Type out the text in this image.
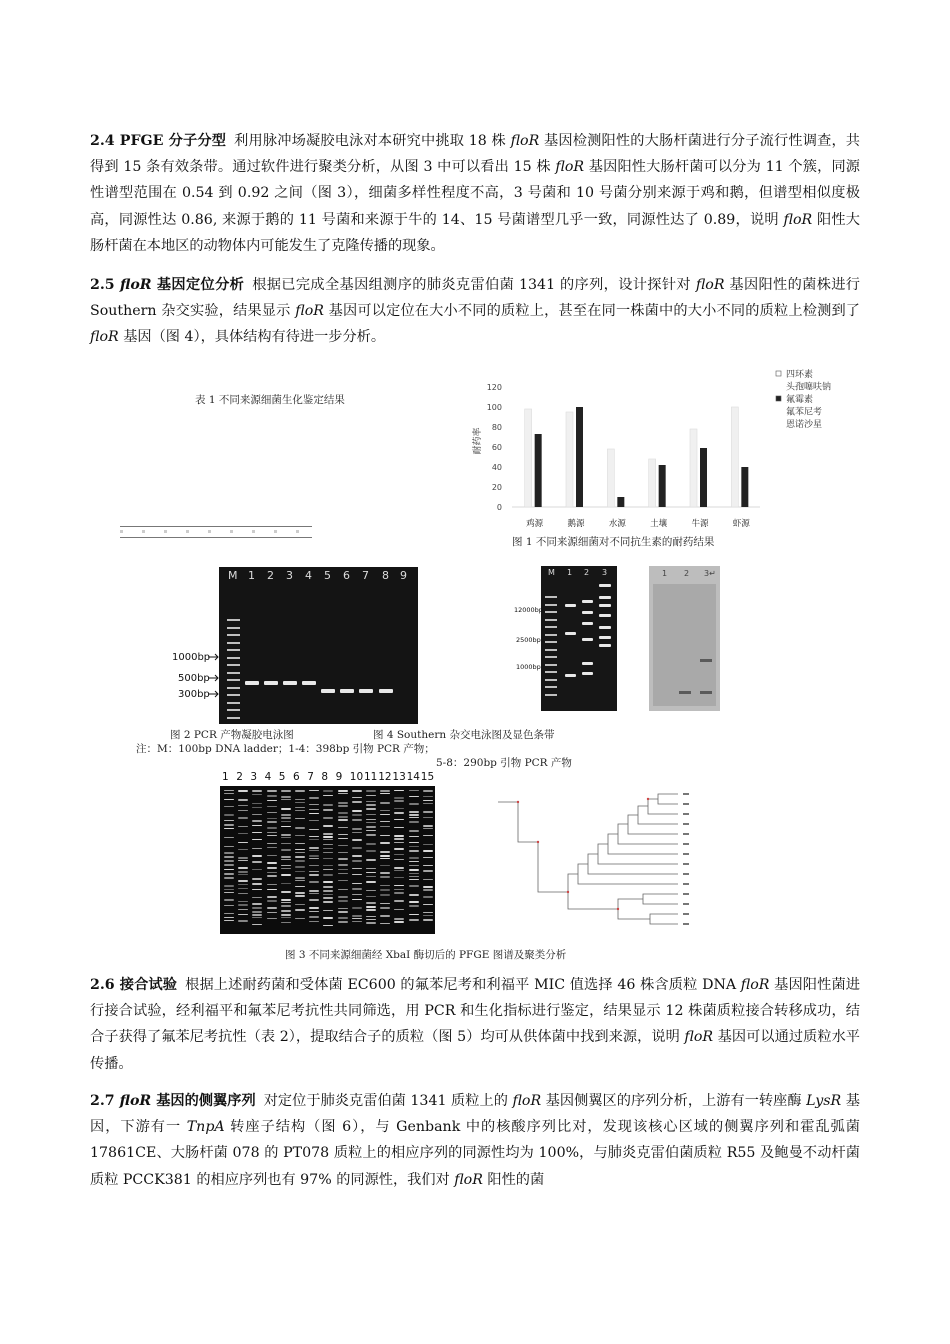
2.4 PFGE 分子分型 利用脉冲场凝胶电泳对本研究中挑取 18 株 floR 基因检测阳性的大肠杆菌进行分子流行性调查，共得到 15 条有效条带。通过软件进行聚类分析，从图 3 中可以看出 15 株 floR 基因阳性大肠杆菌可以分为 11 个簇，同源性谱型范围在 0.54 到 0.92 之间（图 3），细菌多样性程度不高，3 号菌和 10 号菌分别来源于鸡和鹅，但谱型相似度极高，同源性达 0.86, 来源于鹅的 11 号菌和来源于牛的 14、15 号菌谱型几乎一致，同源性达了 0.89，说明 floR 阳性大肠杆菌在本地区的动物体内可能发生了克隆传播的现象。
2.5 floR 基因定位分析 根据已完成全基因组测序的肺炎克雷伯菌 1341 的序列，设计探针对 floR 基因阳性的菌株进行 Southern 杂交实验，结果显示 floR 基因可以定位在大小不同的质粒上，甚至在同一株菌中的大小不同的质粒上检测到了 floR 基因（图 4），具体结构有待进一步分析。
表 1 不同来源细菌生化鉴定结果
0
20
40
60
80
100
120
鸡源	鹅源	水源	土壤	牛源	虾源
四环素
头孢噻呋钠
氟霉素
氟苯尼考
恩诺沙星
耐药率
图 1 不同来源细菌对不同抗生素的耐药结果
M 1 2 3 4 5 6 7 8 9
1000bp
500bp
300bp
M 1 2 3
12000bp
2500bp
1000bp
1 2 3↵
图 2 PCR 产物凝胶电泳图	图 4 Southern 杂交电泳图及显色条带
注：M：100bp DNA ladder；1-4：398bp 引物 PCR 产物；
5-8：290bp 引物 PCR 产物
1 2 3 4 5 6 7 8 9 10 11 12 13 14 15
图 3 不同来源细菌经 XbaI 酶切后的 PFGE 图谱及聚类分析
2.6 接合试验 根据上述耐药菌和受体菌 EC600 的氟苯尼考和利福平 MIC 值选择 46 株含质粒 DNA floR 基因阳性菌进行接合试验，经利福平和氟苯尼考抗性共同筛选，用 PCR 和生化指标进行鉴定，结果显示 12 株菌质粒接合转移成功，结合子获得了氟苯尼考抗性（表 2），提取结合子的质粒（图 5）均可从供体菌中找到来源，说明 floR 基因可以通过质粒水平传播。
2.7 floR 基因的侧翼序列 对定位于肺炎克雷伯菌 1341 质粒上的 floR 基因侧翼区的序列分析，上游有一转座酶 LysR 基因，下游有一 TnpA 转座子结构（图 6），与 Genbank 中的核酸序列比对，发现该核心区域的侧翼序列和霍乱弧菌 17861CE、大肠杆菌 078 的 PT078 质粒上的相应序列的同源性均为 100%，与肺炎克雷伯菌质粒 R55 及鲍曼不动杆菌质粒 PCCK381 的相应序列也有 97% 的同源性，我们对 floR 阳性的菌
